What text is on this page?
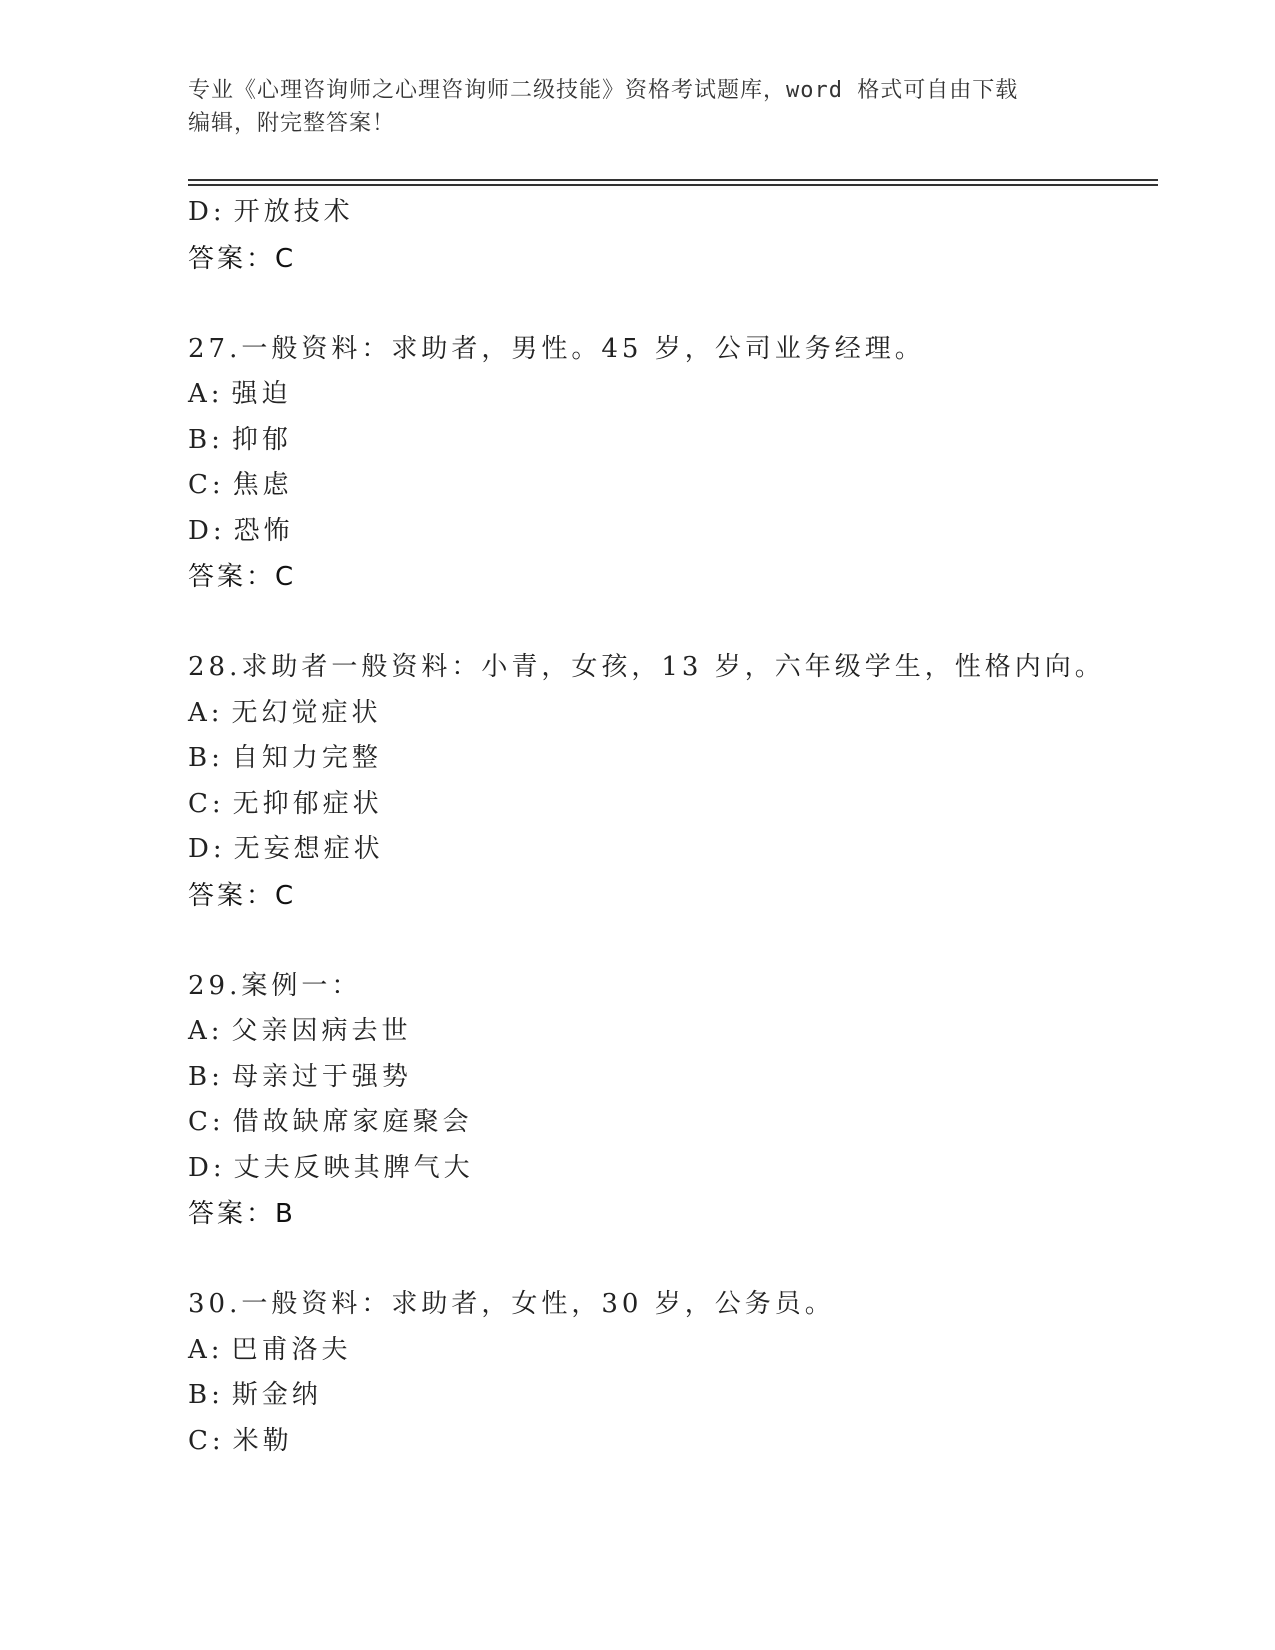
专业《心理咨询师之心理咨询师二级技能》资格考试题库，word 格式可自由下载
编辑，附完整答案！
D: 开放技术
答案：C
27.一般资料：求助者，男性。45 岁，公司业务经理。
A: 强迫
B: 抑郁
C: 焦虑
D: 恐怖
答案：C
28.求助者一般资料：小青，女孩，13 岁，六年级学生，性格内向。
A: 无幻觉症状
B: 自知力完整
C: 无抑郁症状
D: 无妄想症状
答案：C
29.案例一：
A: 父亲因病去世
B: 母亲过于强势
C: 借故缺席家庭聚会
D: 丈夫反映其脾气大
答案：B
30.一般资料：求助者，女性，30 岁，公务员。
A: 巴甫洛夫
B: 斯金纳
C: 米勒
